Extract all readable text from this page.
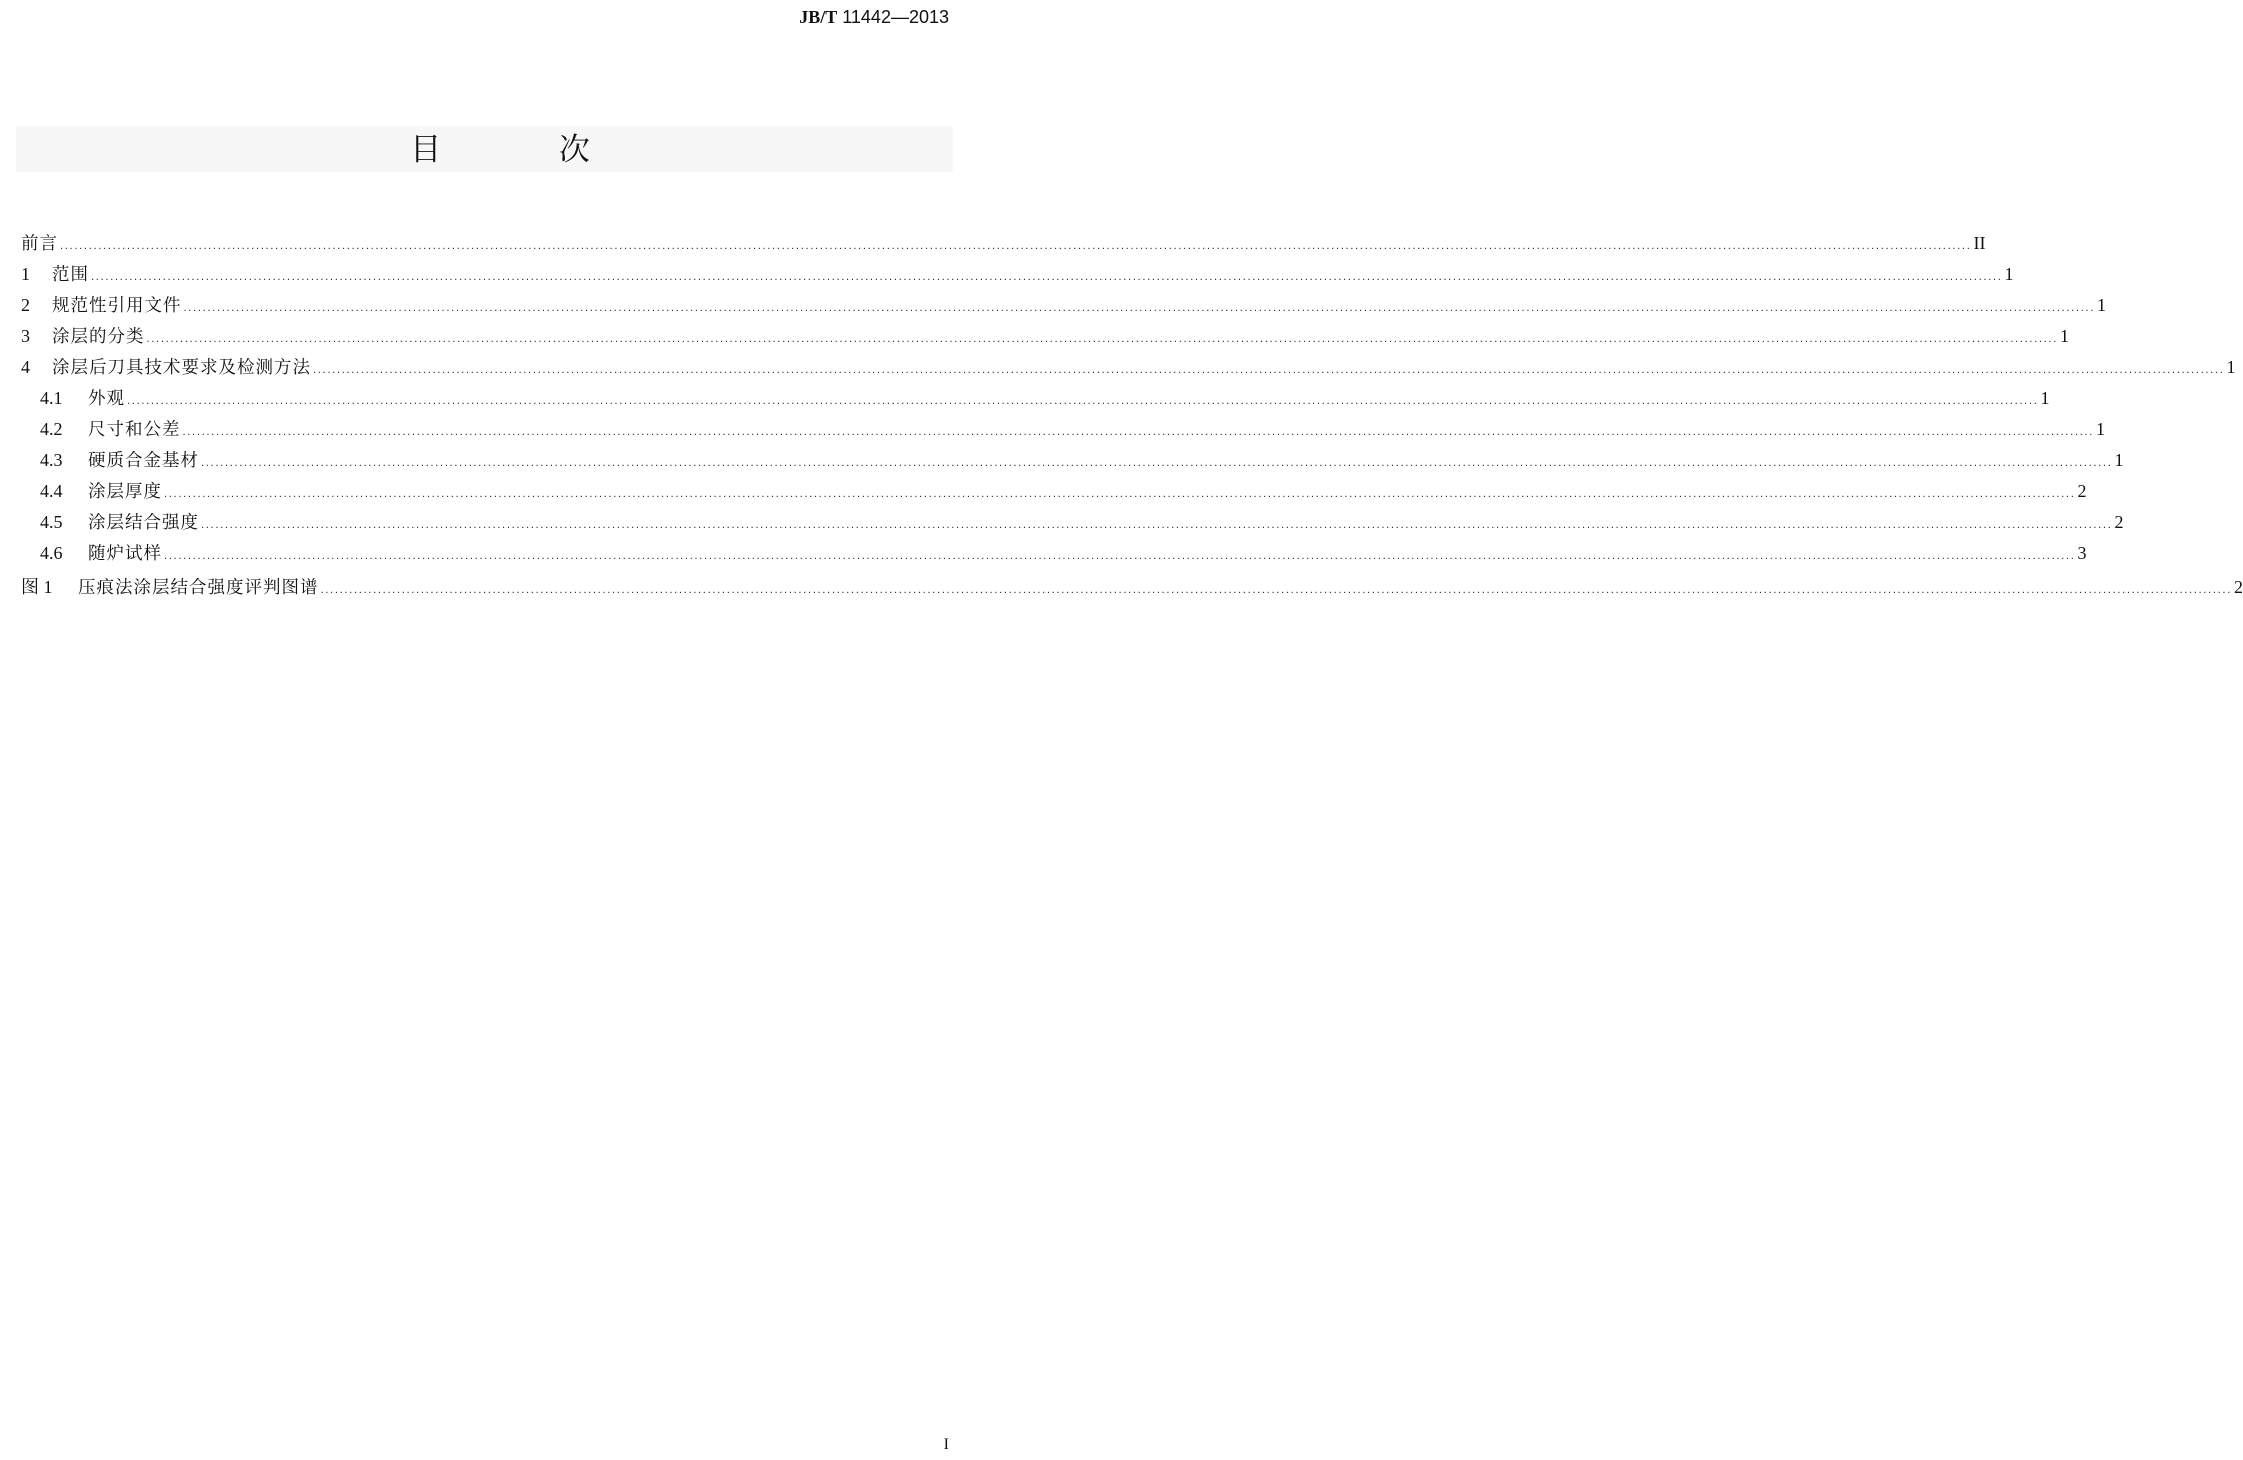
JB/T 11442—2013
目 次
前言 ................................................................................................................................................................................................................................................................................................................................................................................................................ II
1	范围 ................................................................................................................................................................................................................................................................................................................................................................................................................ 1
2	规范性引用文件 ................................................................................................................................................................................................................................................................................................................................................................................................................ 1
3	涂层的分类 ................................................................................................................................................................................................................................................................................................................................................................................................................ 1
4	涂层后刀具技术要求及检测方法 ................................................................................................................................................................................................................................................................................................................................................................................................................ 1
4.1	外观 ................................................................................................................................................................................................................................................................................................................................................................................................................ 1
4.2	尺寸和公差 ................................................................................................................................................................................................................................................................................................................................................................................................................ 1
4.3	硬质合金基材 ................................................................................................................................................................................................................................................................................................................................................................................................................ 1
4.4	涂层厚度 ................................................................................................................................................................................................................................................................................................................................................................................................................ 2
4.5	涂层结合强度 ................................................................................................................................................................................................................................................................................................................................................................................................................ 2
4.6	随炉试样 ................................................................................................................................................................................................................................................................................................................................................................................................................ 3
图 1	压痕法涂层结合强度评判图谱 ................................................................................................................................................................................................................................................................................................................................................................................................................ 2
I
